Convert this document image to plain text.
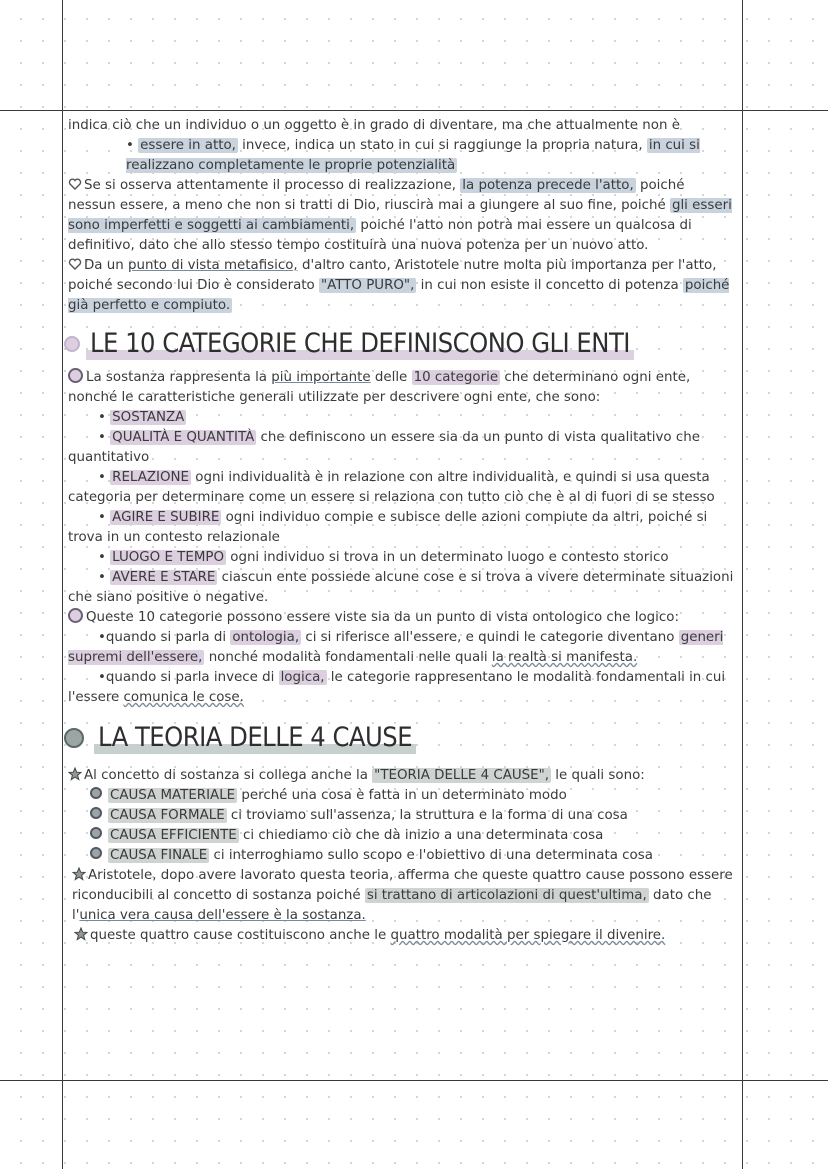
indica ciò che un individuo o un oggetto è in grado di diventare, ma che attualmente non è

• essere in atto, invece, indica un stato in cui si raggiunge la propria natura, in cui si realizzano completamente le proprie potenzialità

Se si osserva attentamente il processo di realizzazione, la potenza precede l'atto, poiché nessun essere, a meno che non si tratti di Dio, riuscirà mai a giungere al suo fine, poiché gli esseri sono imperfetti e soggetti ai cambiamenti, poiché l'atto non potrà mai essere un qualcosa di definitivo, dato che allo stesso tempo costituirà una nuova potenza per un nuovo atto.

Da un punto di vista metafisico, d'altro canto, Aristotele nutre molta più importanza per l'atto, poiché secondo lui Dio è considerato "ATTO PURO", in cui non esiste il concetto di potenza poiché già perfetto e compiuto.

LE 10 CATEGORIE CHE DEFINISCONO GLI ENTI

La sostanza rappresenta la più importante delle 10 categorie che determinano ogni ente, nonché le caratteristiche generali utilizzate per descrivere ogni ente, che sono:

• SOSTANZA

• QUALITÀ E QUANTITÀ che definiscono un essere sia da un punto di vista qualitativo che quantitativo

• RELAZIONE ogni individualità è in relazione con altre individualità, e quindi si usa questa categoria per determinare come un essere si relaziona con tutto ciò che è al di fuori di se stesso

• AGIRE E SUBIRE ogni individuo compie e subisce delle azioni compiute da altri, poiché si trova in un contesto relazionale

• LUOGO E TEMPO ogni individuo si trova in un determinato luogo e contesto storico

• AVERE E STARE ciascun ente possiede alcune cose e si trova a vivere determinate situazioni che siano positive o negative.

Queste 10 categorie possono essere viste sia da un punto di vista ontologico che logico:

•quando si parla di ontologia, ci si riferisce all'essere, e quindi le categorie diventano generi supremi dell'essere, nonché modalità fondamentali nelle quali la realtà si manifesta.

•quando si parla invece di logica, le categorie rappresentano le modalità fondamentali in cui l'essere comunica le cose.

LA TEORIA DELLE 4 CAUSE

Al concetto di sostanza si collega anche la "TEORIA DELLE 4 CAUSE", le quali sono:

CAUSA MATERIALE perché una cosa è fatta in un determinato modo

CAUSA FORMALE ci troviamo sull'assenza, la struttura e la forma di una cosa

CAUSA EFFICIENTE ci chiediamo ciò che dà inizio a una determinata cosa

CAUSA FINALE ci interroghiamo sullo scopo e l'obiettivo di una determinata cosa

Aristotele, dopo avere lavorato questa teoria, afferma che queste quattro cause possono essere riconducibili al concetto di sostanza poiché si trattano di articolazioni di quest'ultima, dato che l'unica vera causa dell'essere è la sostanza.

queste quattro cause costituiscono anche le quattro modalità per spiegare il divenire.
